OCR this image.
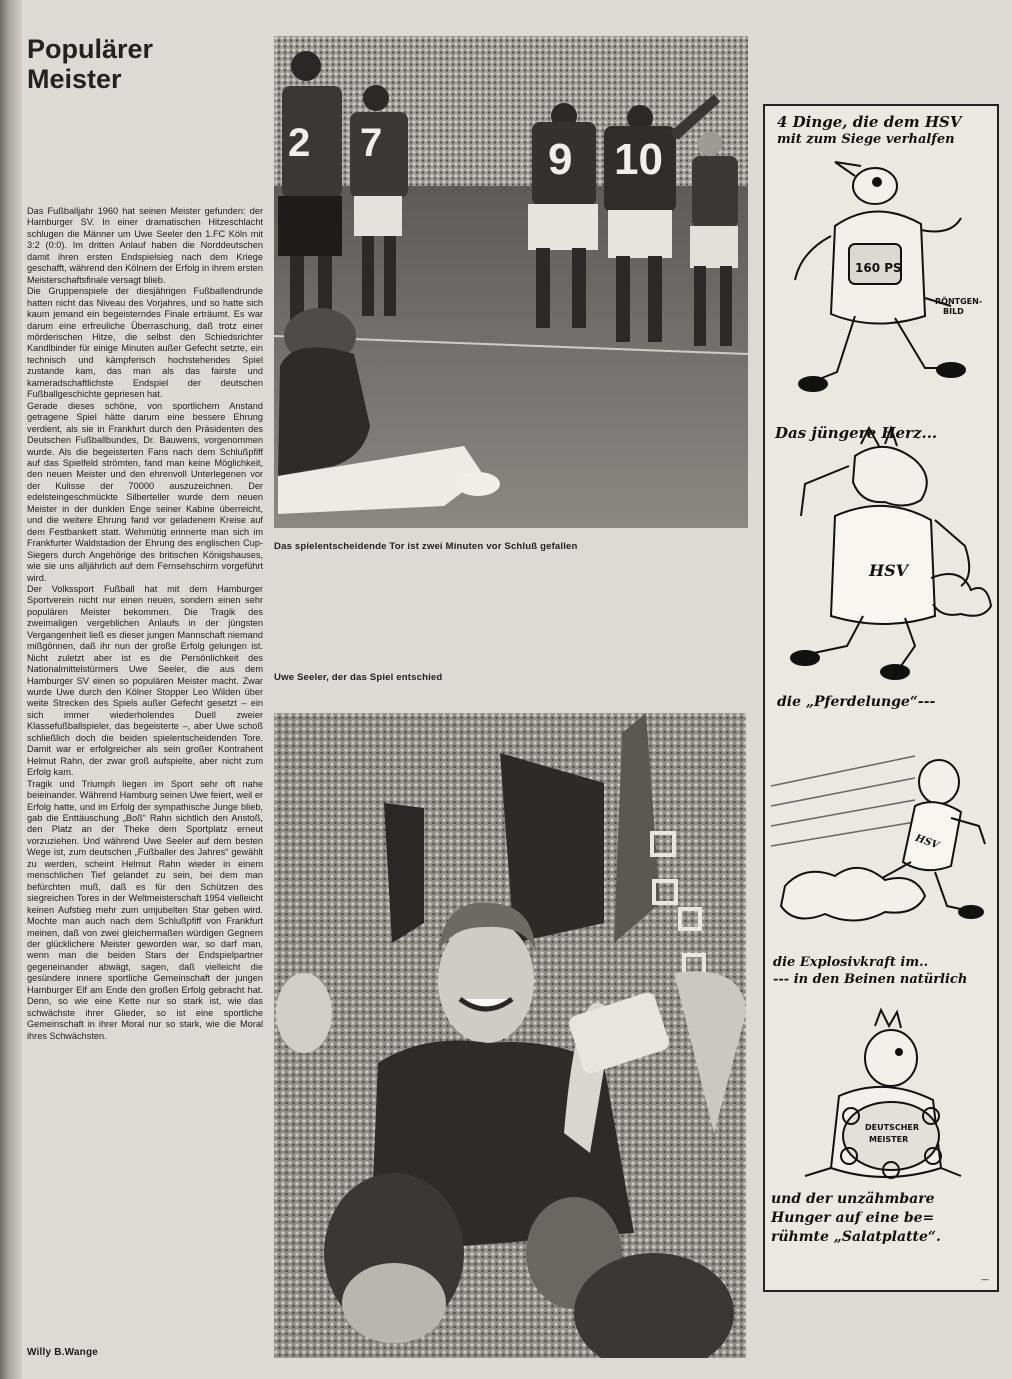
Populärer
Meister

Das Fußballjahr 1960 hat seinen Meister gefunden: der Hamburger SV. In einer dramatischen Hitzeschlacht schlugen die Männer um Uwe Seeler den 1.FC Köln mit 3:2 (0:0). Im dritten Anlauf haben die Norddeutschen damit ihren ersten Endspielsieg nach dem Kriege geschafft, während den Kölnern der Erfolg in ihrem ersten Meisterschaftsfinale versagt blieb.

Die Gruppenspiele der diesjährigen Fußballendrunde hatten nicht das Niveau des Vorjahres, und so hatte sich kaum jemand ein begeisterndes Finale erträumt. Es war darum eine erfreuliche Überraschung, daß trotz einer mörderischen Hitze, die selbst den Schiedsrichter Kandlbinder für einige Minuten außer Gefecht setzte, ein technisch und kämpferisch hochstehendes Spiel zustande kam, das man als das fairste und kameradschaftlichste Endspiel der deutschen Fußballgeschichte gepriesen hat.

Gerade dieses schöne, von sportlichem Anstand getragene Spiel hätte darum eine bessere Ehrung verdient, als sie in Frankfurt durch den Präsidenten des Deutschen Fußballbundes, Dr. Bauwens, vorgenommen wurde. Als die begeisterten Fans nach dem Schlußpfiff auf das Spielfeld strömten, fand man keine Möglichkeit, den neuen Meister und den ehrenvoll Unterlegenen vor der Kulisse der 70000 auszuzeichnen. Der edelsteingeschmückte Silberteller wurde dem neuen Meister in der dunklen Enge seiner Kabine überreicht, und die weitere Ehrung fand vor geladenem Kreise auf dem Festbankett statt. Wehmütig erinnerte man sich im Frankfurter Waldstadion der Ehrung des englischen Cup-Siegers durch Angehörige des britischen Königshauses, wie sie uns alljährlich auf dem Fernsehschirm vorgeführt wird.

Der Volkssport Fußball hat mit dem Hamburger Sportverein nicht nur einen neuen, sondern einen sehr populären Meister bekommen. Die Tragik des zweimaligen vergeblichen Anlaufs in der jüngsten Vergangenheit ließ es dieser jungen Mannschaft niemand mißgönnen, daß ihr nun der große Erfolg gelungen ist. Nicht zuletzt aber ist es die Persönlichkeit des Nationalmittelstürmers Uwe Seeler, die aus dem Hamburger SV einen so populären Meister macht. Zwar wurde Uwe durch den Kölner Stopper Leo Wilden über weite Strecken des Spiels außer Gefecht gesetzt – ein sich immer wiederholendes Duell zweier Klassefußballspieler, das begeisterte –, aber Uwe schoß schließlich doch die beiden spielentscheidenden Tore. Damit war er erfolgreicher als sein großer Kontrahent Helmut Rahn, der zwar groß aufspielte, aber nicht zum Erfolg kam.

Tragik und Triumph liegen im Sport sehr oft nahe beieinander. Während Hamburg seinen Uwe feiert, weil er Erfolg hatte, und im Erfolg der sympathische Junge blieb, gab die Enttäuschung „Boß“ Rahn sichtlich den Anstoß, den Platz an der Theke dem Sportplatz erneut vorzuziehen. Und während Uwe Seeler auf dem besten Wege ist, zum deutschen „Fußballer des Jahres“ gewählt zu werden, scheint Helmut Rahn wieder in einem menschlichen Tief gelandet zu sein, bei dem man befürchten muß, daß es für den Schützen des siegreichen Tores in der Weltmeisterschaft 1954 vielleicht keinen Aufstieg mehr zum umjubelten Star geben wird. Mochte man auch nach dem Schlußpfiff von Frankfurt meinen, daß von zwei gleichermaßen würdigen Gegnern der glücklichere Meister geworden war, so darf man, wenn man die beiden Stars der Endspielpartner gegeneinander abwägt, sagen, daß vielleicht die gesündere innere sportliche Gemeinschaft der jungen Hamburger Elf am Ende den großen Erfolg gebracht hat. Denn, so wie eine Kette nur so stark ist, wie das schwächste ihrer Glieder, so ist eine sportliche Gemeinschaft in ihrer Moral nur so stark, wie die Moral ihres Schwächsten.

Willy B.Wange
2 7	9 10
Das spielentscheidende Tor ist zwei Minuten vor Schluß gefallen
Uwe Seeler, der das Spiel entschied
4 Dinge, die dem HSV
mit zum Siege verhalfen
160 PS
RÖNTGEN-
BILD
HSV
HSV
DEUTSCHER
MEISTER
Das jüngere Herz...
die „Pferdelunge“---
die Explosivkraft im..
--- in den Beinen natürlich
und der unzähmbare
Hunger auf eine be=
rühmte „Salatplatte“.
—
